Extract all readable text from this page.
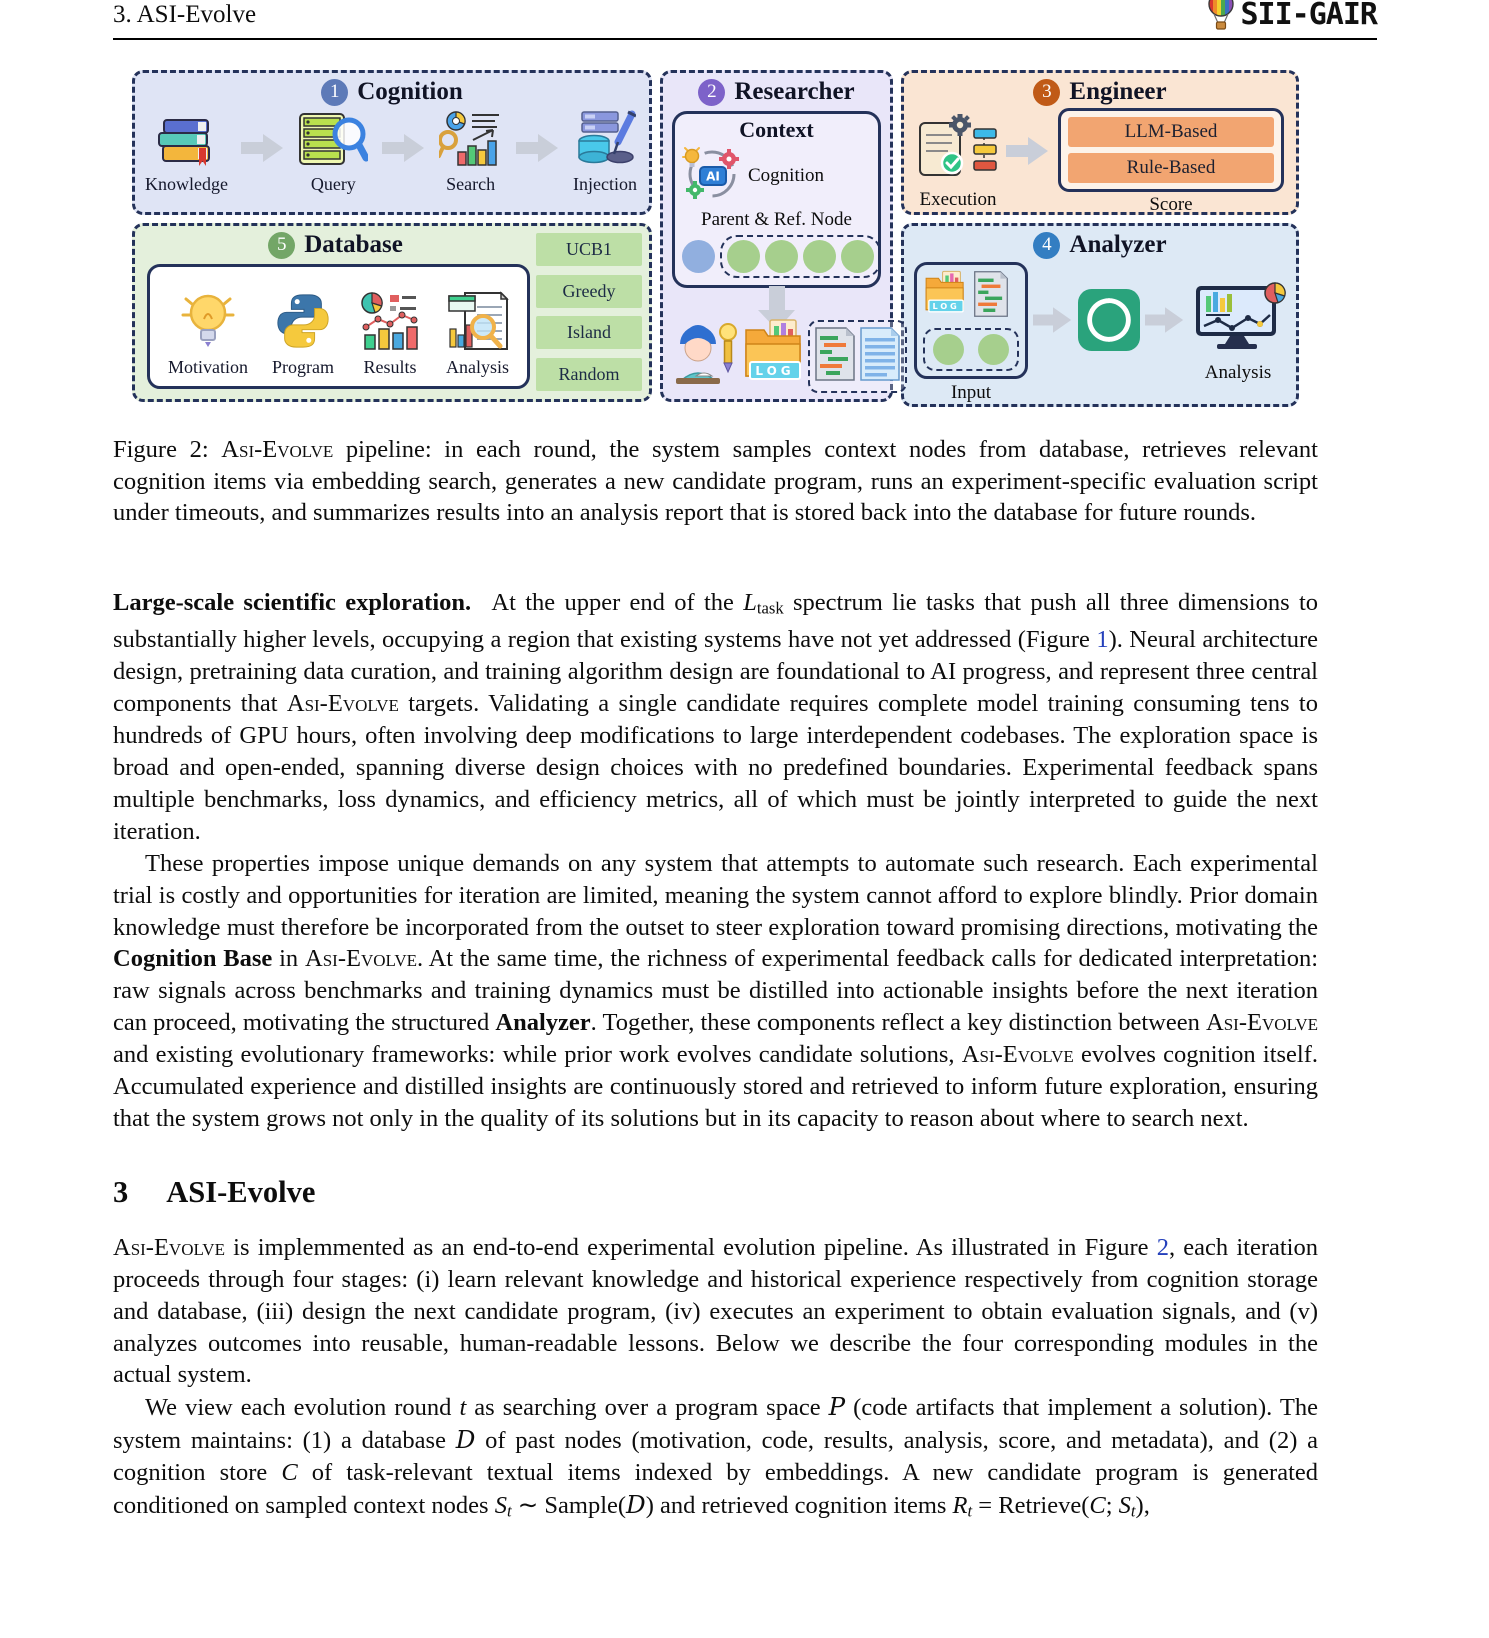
3. ASI-Evolve	SII-GAIR
1 Cognition
Knowledge	Query	Search	Injection
5 Database
Motivation Program Results Analysis
UCB1
Greedy
Island
Random
2 Researcher
Context
AI Cognition
Parent & Ref. Node
LOG
3 Engineer
Execution
LLM-Based
Rule-Based
Score
4 Analyzer
LOG
Input
Analysis

Figure 2: Asi-Evolve pipeline: in each round, the system samples context nodes from database, retrieves relevant cognition items via embedding search, generates a new candidate program, runs an experiment-specific evaluation script under timeouts, and summarizes results into an analysis report that is stored back into the database for future rounds.

Large-scale scientific exploration.  At the upper end of the $L_{task}$ spectrum lie tasks that push all three dimensions to substantially higher levels, occupying a region that existing systems have not yet addressed (Figure 1). Neural architecture design, pretraining data curation, and training algorithm design are foundational to AI progress, and represent three central components that Asi-Evolve targets. Validating a single candidate requires complete model training consuming tens to hundreds of GPU hours, often involving deep modifications to large interdependent codebases. The exploration space is broad and open-ended, spanning diverse design choices with no predefined boundaries. Experimental feedback spans multiple benchmarks, loss dynamics, and efficiency metrics, all of which must be jointly interpreted to guide the next iteration.

These properties impose unique demands on any system that attempts to automate such research. Each experimental trial is costly and opportunities for iteration are limited, meaning the system cannot afford to explore blindly. Prior domain knowledge must therefore be incorporated from the outset to steer exploration toward promising directions, motivating the Cognition Base in Asi-Evolve. At the same time, the richness of experimental feedback calls for dedicated interpretation: raw signals across benchmarks and training dynamics must be distilled into actionable insights before the next iteration can proceed, motivating the structured Analyzer. Together, these components reflect a key distinction between Asi-Evolve and existing evolutionary frameworks: while prior work evolves candidate solutions, Asi-Evolve evolves cognition itself. Accumulated experience and distilled insights are continuously stored and retrieved to inform future exploration, ensuring that the system grows not only in the quality of its solutions but in its capacity to reason about where to search next.

3 ASI-Evolve

Asi-Evolve is implemmented as an end-to-end experimental evolution pipeline. As illustrated in Figure 2, each iteration proceeds through four stages: (i) learn relevant knowledge and historical experience respectively from cognition storage and database, (iii) design the next candidate program, (iv) executes an experiment to obtain evaluation signals, and (v) analyzes outcomes into reusable, human-readable lessons. Below we describe the four corresponding modules in the actual system.

We view each evolution round t as searching over a program space P (code artifacts that implement a solution). The system maintains: (1) a database D of past nodes (motivation, code, results, analysis, score, and metadata), and (2) a cognition store C of task-relevant textual items indexed by embeddings. A new candidate program is generated conditioned on sampled context nodes St ∼ Sample(D) and retrieved cognition items Rt = Retrieve(C; St),
